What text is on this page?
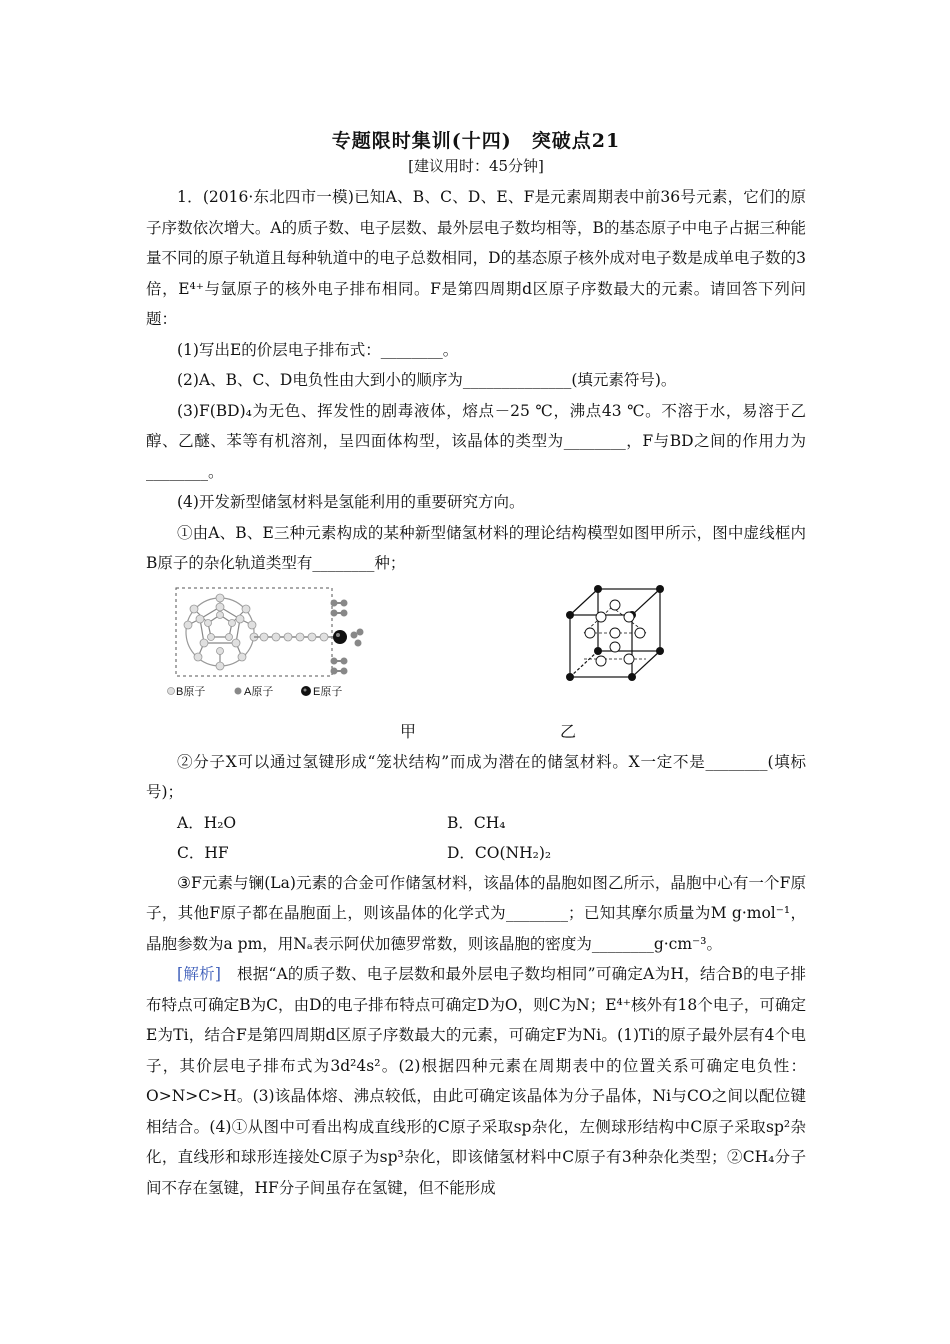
专题限时集训(十四)　突破点21
[建议用时：45分钟]

1．(2016·东北四市一模)已知A、B、C、D、E、F是元素周期表中前36号元素，它们的原子序数依次增大。A的质子数、电子层数、最外层电子数均相等，B的基态原子中电子占据三种能量不同的原子轨道且每种轨道中的电子总数相同，D的基态原子核外成对电子数是成单电子数的3倍，E⁴⁺与氩原子的核外电子排布相同。F是第四周期d区原子序数最大的元素。请回答下列问题：

(1)写出E的价层电子排布式：________。

(2)A、B、C、D电负性由大到小的顺序为______________(填元素符号)。

(3)F(BD)₄为无色、挥发性的剧毒液体，熔点－25 ℃，沸点43 ℃。不溶于水，易溶于乙醇、乙醚、苯等有机溶剂，呈四面体构型，该晶体的类型为________，F与BD之间的作用力为________。

(4)开发新型储氢材料是氢能利用的重要研究方向。

①由A、B、E三种元素构成的某种新型储氢材料的理论结构模型如图甲所示，图中虚线框内B原子的杂化轨道类型有________种；

B原子	A原子	E原子
甲	乙

②分子X可以通过氢键形成“笼状结构”而成为潜在的储氢材料。X一定不是________(填标号)；

A．H₂O	B．CH₄
C．HF	D．CO(NH₂)₂

③F元素与镧(La)元素的合金可作储氢材料，该晶体的晶胞如图乙所示，晶胞中心有一个F原子，其他F原子都在晶胞面上，则该晶体的化学式为________；已知其摩尔质量为M g·mol⁻¹，晶胞参数为a pm，用Nₐ表示阿伏加德罗常数，则该晶胞的密度为________g·cm⁻³。

[解析]　根据“A的质子数、电子层数和最外层电子数均相同”可确定A为H，结合B的电子排布特点可确定B为C，由D的电子排布特点可确定D为O，则C为N；E⁴⁺核外有18个电子，可确定E为Ti，结合F是第四周期d区原子序数最大的元素，可确定F为Ni。(1)Ti的原子最外层有4个电子，其价层电子排布式为3d²4s²。(2)根据四种元素在周期表中的位置关系可确定电负性：O>N>C>H。(3)该晶体熔、沸点较低，由此可确定该晶体为分子晶体，Ni与CO之间以配位键相结合。(4)①从图中可看出构成直线形的C原子采取sp杂化，左侧球形结构中C原子采取sp²杂化，直线形和球形连接处C原子为sp³杂化，即该储氢材料中C原子有3种杂化类型；②CH₄分子间不存在氢键，HF分子间虽存在氢键，但不能形成
